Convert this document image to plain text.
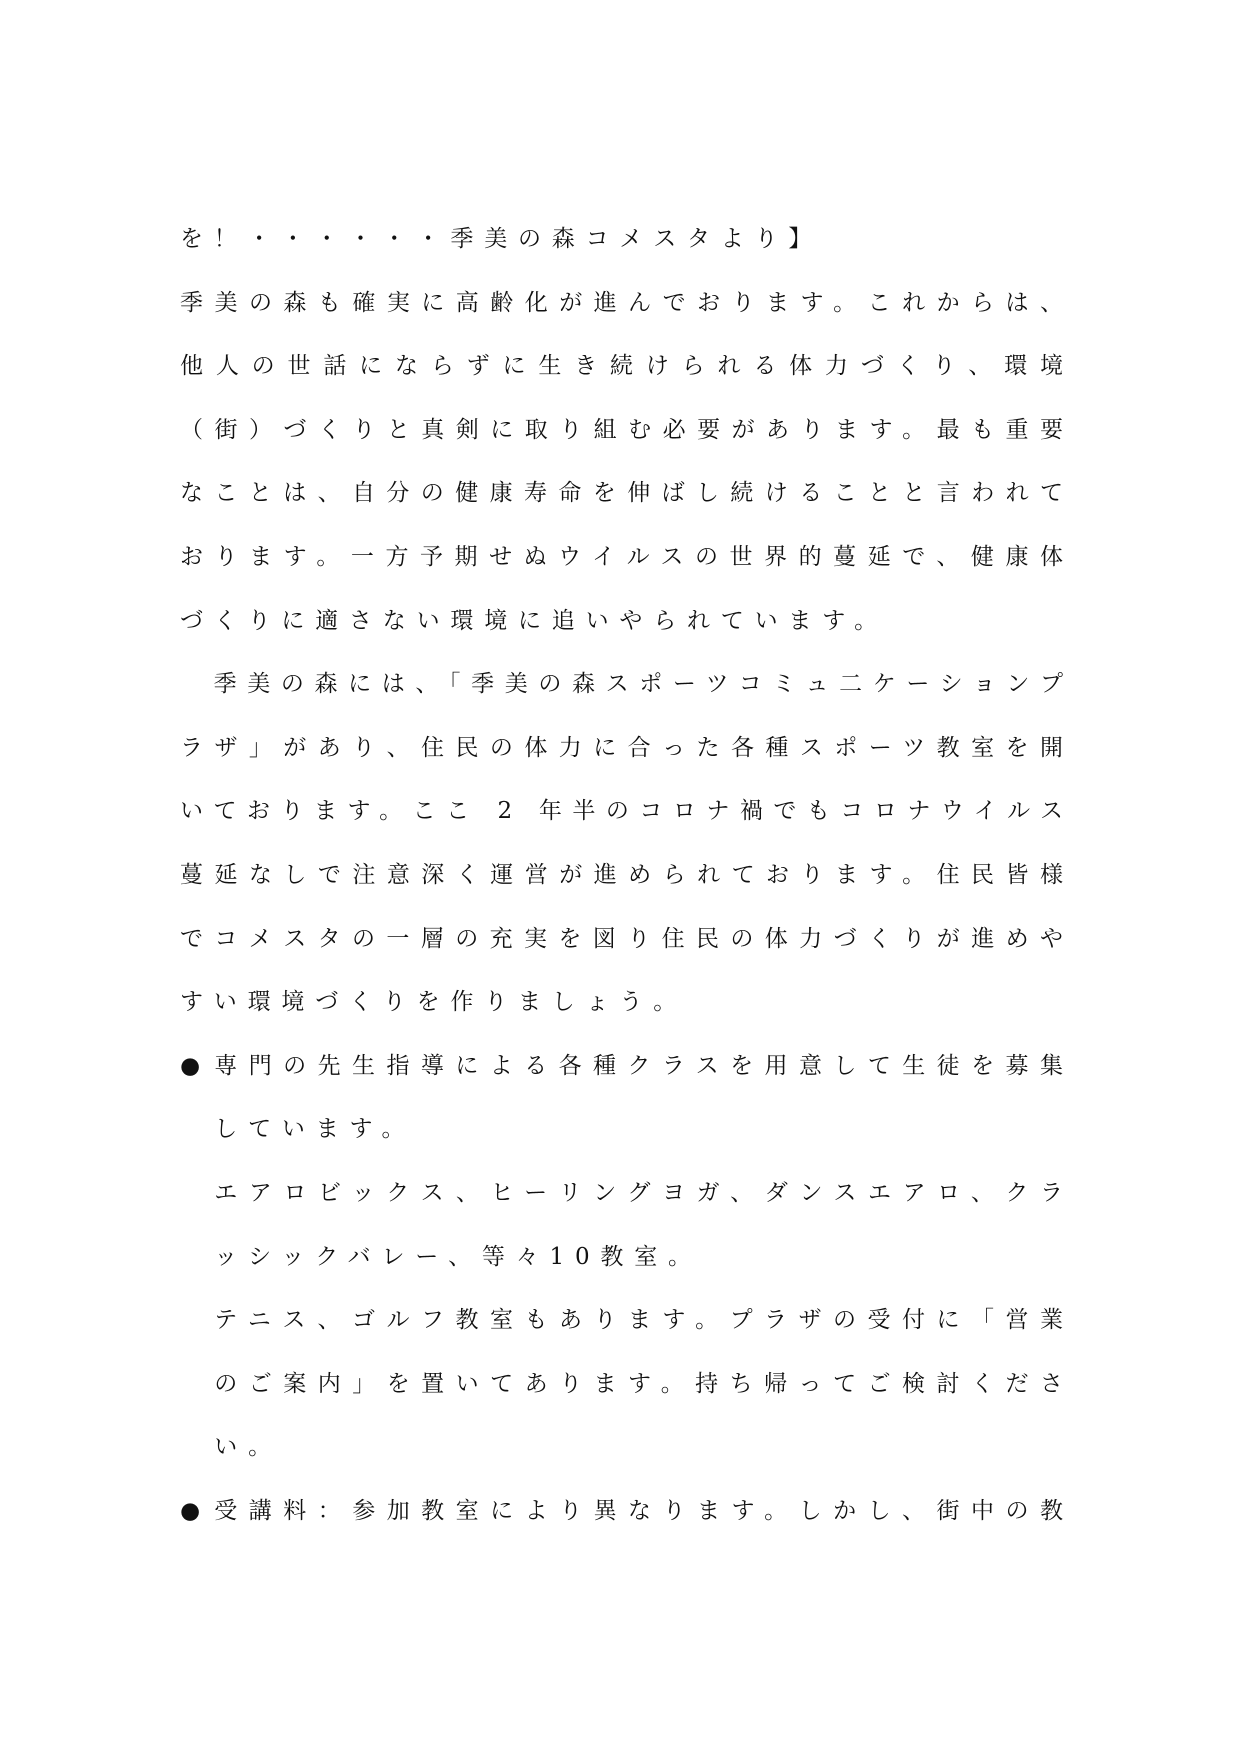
を！・・・・・・季美の森コメスタより】
季美の森も確実に高齢化が進んでおります。これからは、
他人の世話にならずに生き続けられる体力づくり、環境
（街）づくりと真剣に取り組む必要があります。最も重要
なことは、自分の健康寿命を伸ばし続けることと言われて
おります。一方予期せぬウイルスの世界的蔓延で、健康体
づくりに適さない環境に追いやられています。
　季美の森には、「季美の森スポーツコミュ二ケーションプ
ラザ」があり、住民の体力に合った各種スポーツ教室を開
いております。ここ 2 年半のコロナ禍でもコロナウイルス
蔓延なしで注意深く運営が進められております。住民皆様
でコメスタの一層の充実を図り住民の体力づくりが進めや
すい環境づくりを作りましょう。
● 専門の先生指導による各種クラスを用意して生徒を募集
しています。
エアロビックス、ヒーリングヨガ、ダンスエアロ、クラ
ッシックバレー、等々10教室。
テニス、ゴルフ教室もあります。プラザの受付に「営業
のご案内」を置いてあります。持ち帰ってご検討くださ
い。
● 受講料：参加教室により異なります。しかし、街中の教
